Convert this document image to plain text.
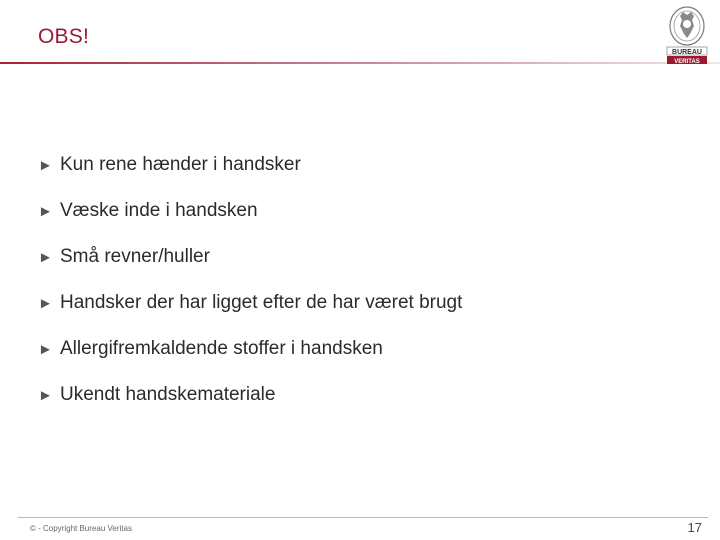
OBS!
BUREAU
VERITAS
► Kun rene hænder i handsker
► Væske inde i handsken
► Små revner/huller
► Handsker der har ligget efter de har været brugt
► Allergifremkaldende stoffer i handsken
► Ukendt handskemateriale
© - Copyright Bureau Veritas	17
